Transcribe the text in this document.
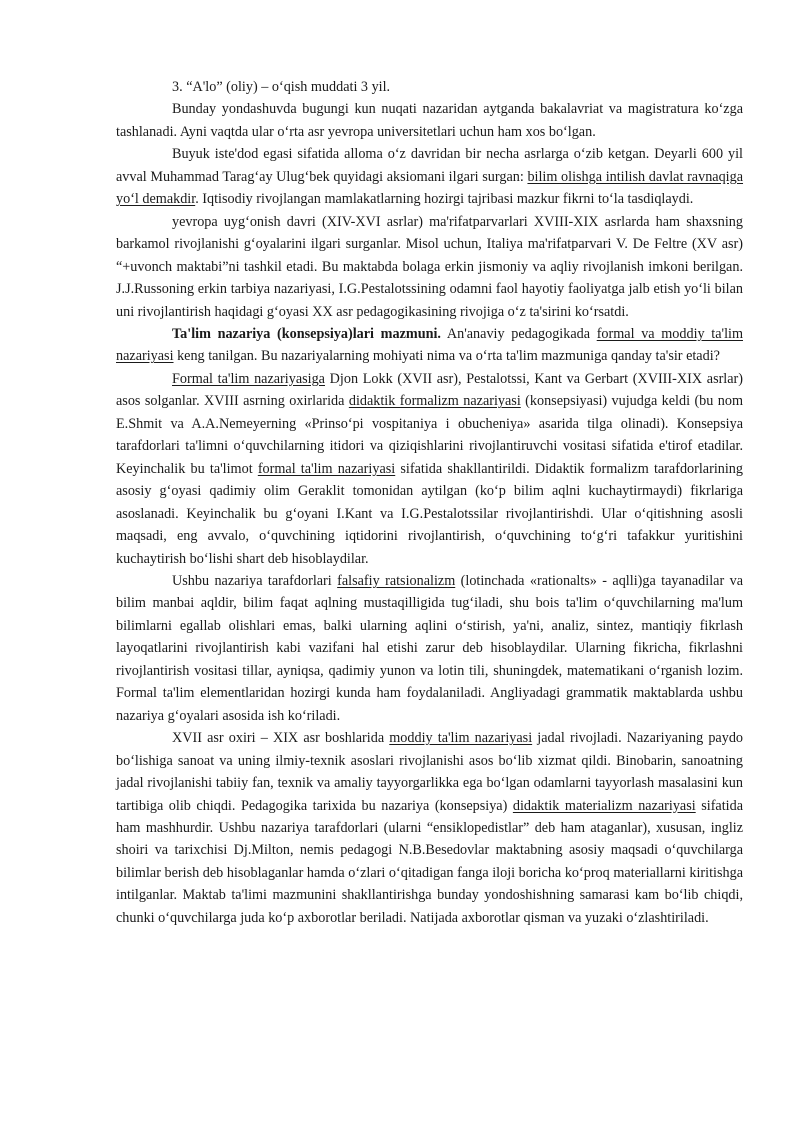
3. “A'lo” (oliy) – oʻqish muddati 3 yil.

Bunday yondashuvda bugungi kun nuqati nazaridan aytganda bakalavriat va magistratura koʻzga tashlanadi. Ayni vaqtda ular oʻrta asr yevropa universitetlari uchun ham xos boʻlgan.

Buyuk iste'dod egasi sifatida alloma oʻz davridan bir necha asrlarga oʻzib ketgan. Deyarli 600 yil avval Muhammad Taragʻay Ulugʻbek quyidagi aksiomani ilgari surgan: bilim olishga intilish davlat ravnaqiga yoʻl demakdir. Iqtisodiy rivojlangan mamlakatlarning hozirgi tajribasi mazkur fikrni toʻla tasdiqlaydi.

yevropa uygʻonish davri (XIV-XVI asrlar) ma'rifatparvarlari XVIII-XIX asrlarda ham shaxsning barkamol rivojlanishi gʻoyalarini ilgari surganlar. Misol uchun, Italiya ma'rifatparvari V. De Feltre (XV asr) “+uvonch maktabi”ni tashkil etadi. Bu maktabda bolaga erkin jismoniy va aqliy rivojlanish imkoni berilgan. J.J.Russoning erkin tarbiya nazariyasi, I.G.Pestalotssining odamni faol hayotiy faoliyatga jalb etish yoʻli bilan uni rivojlantirish haqidagi gʻoyasi XX asr pedagogikasining rivojiga oʻz ta'sirini koʻrsatdi.

Ta'lim nazariya (konsepsiya)lari mazmuni. An'anaviy pedagogikada formal va moddiy ta'lim nazariyasi keng tanilgan. Bu nazariyalarning mohiyati nima va oʻrta ta'lim mazmuniga qanday ta'sir etadi?

Formal ta'lim nazariyasiga Djon Lokk (XVII asr), Pestalotssi, Kant va Gerbart (XVIII-XIX asrlar) asos solganlar. XVIII asrning oxirlarida didaktik formalizm nazariyasi (konsepsiyasi) vujudga keldi (bu nom E.Shmit va A.A.Nemeyerning «Prinsoʻpi vospitaniya i obucheniya» asarida tilga olinadi). Konsepsiya tarafdorlari ta'limni oʻquvchilarning itidori va qiziqishlarini rivojlantiruvchi vositasi sifatida e'tirof etadilar. Keyinchalik bu ta'limot formal ta'lim nazariyasi sifatida shakllantirildi. Didaktik formalizm tarafdorlarining asosiy gʻoyasi qadimiy olim Geraklit tomonidan aytilgan (koʻp bilim aqlni kuchaytirmaydi) fikrlariga asoslanadi. Keyinchalik bu gʻoyani I.Kant va I.G.Pestalotssilar rivojlantirishdi. Ular oʻqitishning asosli maqsadi, eng avvalo, oʻquvchining iqtidorini rivojlantirish, oʻquvchining toʻgʻri tafakkur yuritishini kuchaytirish boʻlishi shart deb hisoblaydilar.

Ushbu nazariya tarafdorlari falsafiy ratsionalizm (lotinchada «rationalts» - aqlli)ga tayanadilar va bilim manbai aqldir, bilim faqat aqlning mustaqilligida tugʻiladi, shu bois ta'lim oʻquvchilarning ma'lum bilimlarni egallab olishlari emas, balki ularning aqlini oʻstirish, ya'ni, analiz, sintez, mantiqiy fikrlash layoqatlarini rivojlantirish kabi vazifani hal etishi zarur deb hisoblaydilar. Ularning fikricha, fikrlashni rivojlantirish vositasi tillar, ayniqsa, qadimiy yunon va lotin tili, shuningdek, matematikani oʻrganish lozim. Formal ta'lim elementlaridan hozirgi kunda ham foydalaniladi. Angliyadagi grammatik maktablarda ushbu nazariya gʻoyalari asosida ish koʻriladi.

XVII asr oxiri – XIX asr boshlarida moddiy ta'lim nazariyasi jadal rivojladi. Nazariyaning paydo boʻlishiga sanoat va uning ilmiy-texnik asoslari rivojlanishi asos boʻlib xizmat qildi. Binobarin, sanoatning jadal rivojlanishi tabiiy fan, texnik va amaliy tayyorgarlikka ega boʻlgan odamlarni tayyorlash masalasini kun tartibiga olib chiqdi. Pedagogika tarixida bu nazariya (konsepsiya) didaktik materializm nazariyasi sifatida ham mashhurdir. Ushbu nazariya tarafdorlari (ularni “ensiklopedistlar” deb ham ataganlar), xususan, ingliz shoiri va tarixchisi Dj.Milton, nemis pedagogi N.B.Besedovlar maktabning asosiy maqsadi oʻquvchilarga bilimlar berish deb hisoblaganlar hamda oʻzlari oʻqitadigan fanga iloji boricha koʻproq materiallarni kiritishga intilganlar. Maktab ta'limi mazmunini shakllantirishga bunday yondoshishning samarasi kam boʻlib chiqdi, chunki oʻquvchilarga juda koʻp axborotlar beriladi. Natijada axborotlar qisman va yuzaki oʻzlashtiriladi.
